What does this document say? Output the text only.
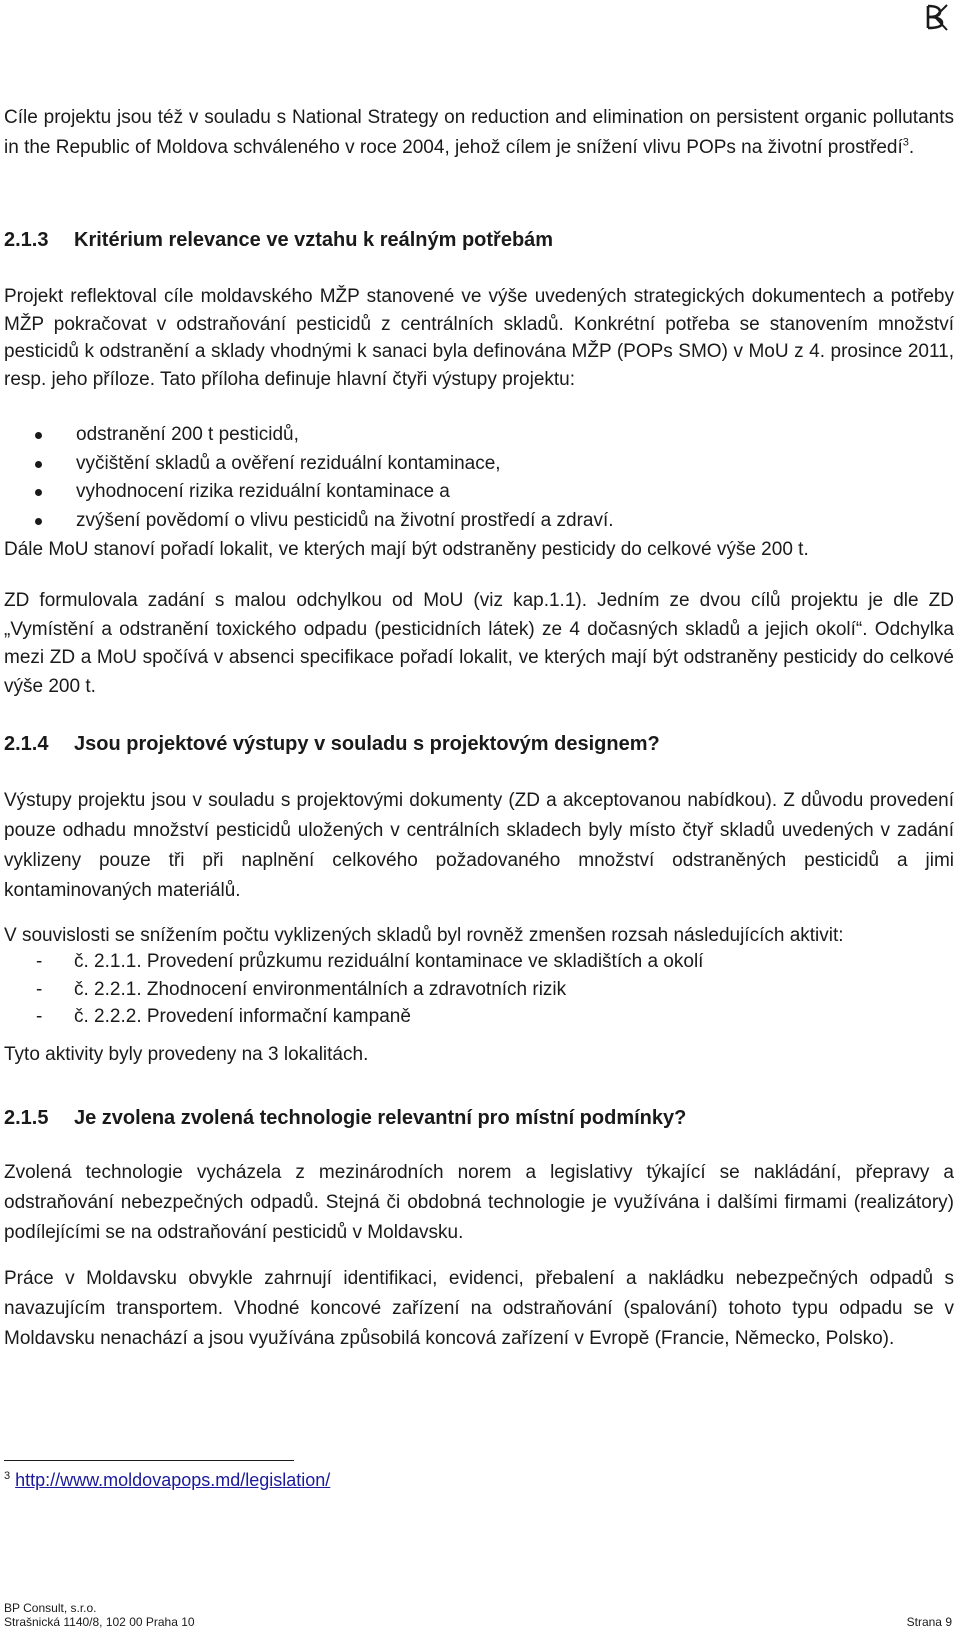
Cíle projektu jsou též v souladu s National Strategy on reduction and elimination on persistent organic pollutants in the Republic of Moldova schváleného v roce 2004, jehož cílem je snížení vlivu POPs na životní prostředí$^3$.

2.1.3 Kritérium relevance ve vztahu k reálným potřebám

Projekt reflektoval cíle moldavského MŽP stanovené ve výše uvedených strategických dokumentech a potřeby MŽP pokračovat v odstraňování pesticidů z centrálních skladů. Konkrétní potřeba se stanovením množství pesticidů k odstranění a sklady vhodnými k sanaci byla definována MŽP (POPs SMO) v MoU z 4. prosince 2011, resp. jeho příloze. Tato příloha definuje hlavní čtyři výstupy projektu:

odstranění 200 t pesticidů,
vyčištění skladů a ověření reziduální kontaminace,
vyhodnocení rizika reziduální kontaminace a
zvýšení povědomí o vlivu pesticidů na životní prostředí a zdraví.

Dále MoU stanoví pořadí lokalit, ve kterých mají být odstraněny pesticidy do celkové výše 200 t.

ZD formulovala zadání s malou odchylkou od MoU (viz kap.1.1). Jedním ze dvou cílů projektu je dle ZD „Vymístění a odstranění toxického odpadu (pesticidních látek) ze 4 dočasných skladů a jejich okolí“. Odchylka mezi ZD a MoU spočívá v absenci specifikace pořadí lokalit, ve kterých mají být odstraněny pesticidy do celkové výše 200 t.

2.1.4 Jsou projektové výstupy v souladu s projektovým designem?

Výstupy projektu jsou v souladu s projektovými dokumenty (ZD a akceptovanou nabídkou). Z důvodu provedení pouze odhadu množství pesticidů uložených v centrálních skladech byly místo čtyř skladů uvedených v zadání vyklizeny pouze tři při naplnění celkového požadovaného množství odstraněných pesticidů a jimi kontaminovaných materiálů.

V souvislosti se snížením počtu vyklizených skladů byl rovněž zmenšen rozsah následujících aktivit:

- č. 2.1.1. Provedení průzkumu reziduální kontaminace ve skladištích a okolí
- č. 2.2.1. Zhodnocení environmentálních a zdravotních rizik
- č. 2.2.2. Provedení informační kampaně

Tyto aktivity byly provedeny na 3 lokalitách.

2.1.5 Je zvolena zvolená technologie relevantní pro místní podmínky?

Zvolená technologie vycházela z mezinárodních norem a legislativy týkající se nakládání, přepravy a odstraňování nebezpečných odpadů. Stejná či obdobná technologie je využívána i dalšími firmami (realizátory) podílejícími se na odstraňování pesticidů v Moldavsku.

Práce v Moldavsku obvykle zahrnují identifikaci, evidenci, přebalení a nakládku nebezpečných odpadů s navazujícím transportem. Vhodné koncové zařízení na odstraňování (spalování) tohoto typu odpadu se v Moldavsku nenachází a jsou využívána způsobilá koncová zařízení v Evropě (Francie, Německo, Polsko).

$^3$ http://www.moldovapops.md/legislation/
BP Consult, s.r.o.
Strašnická 1140/8, 102 00 Praha 10	Strana 9
